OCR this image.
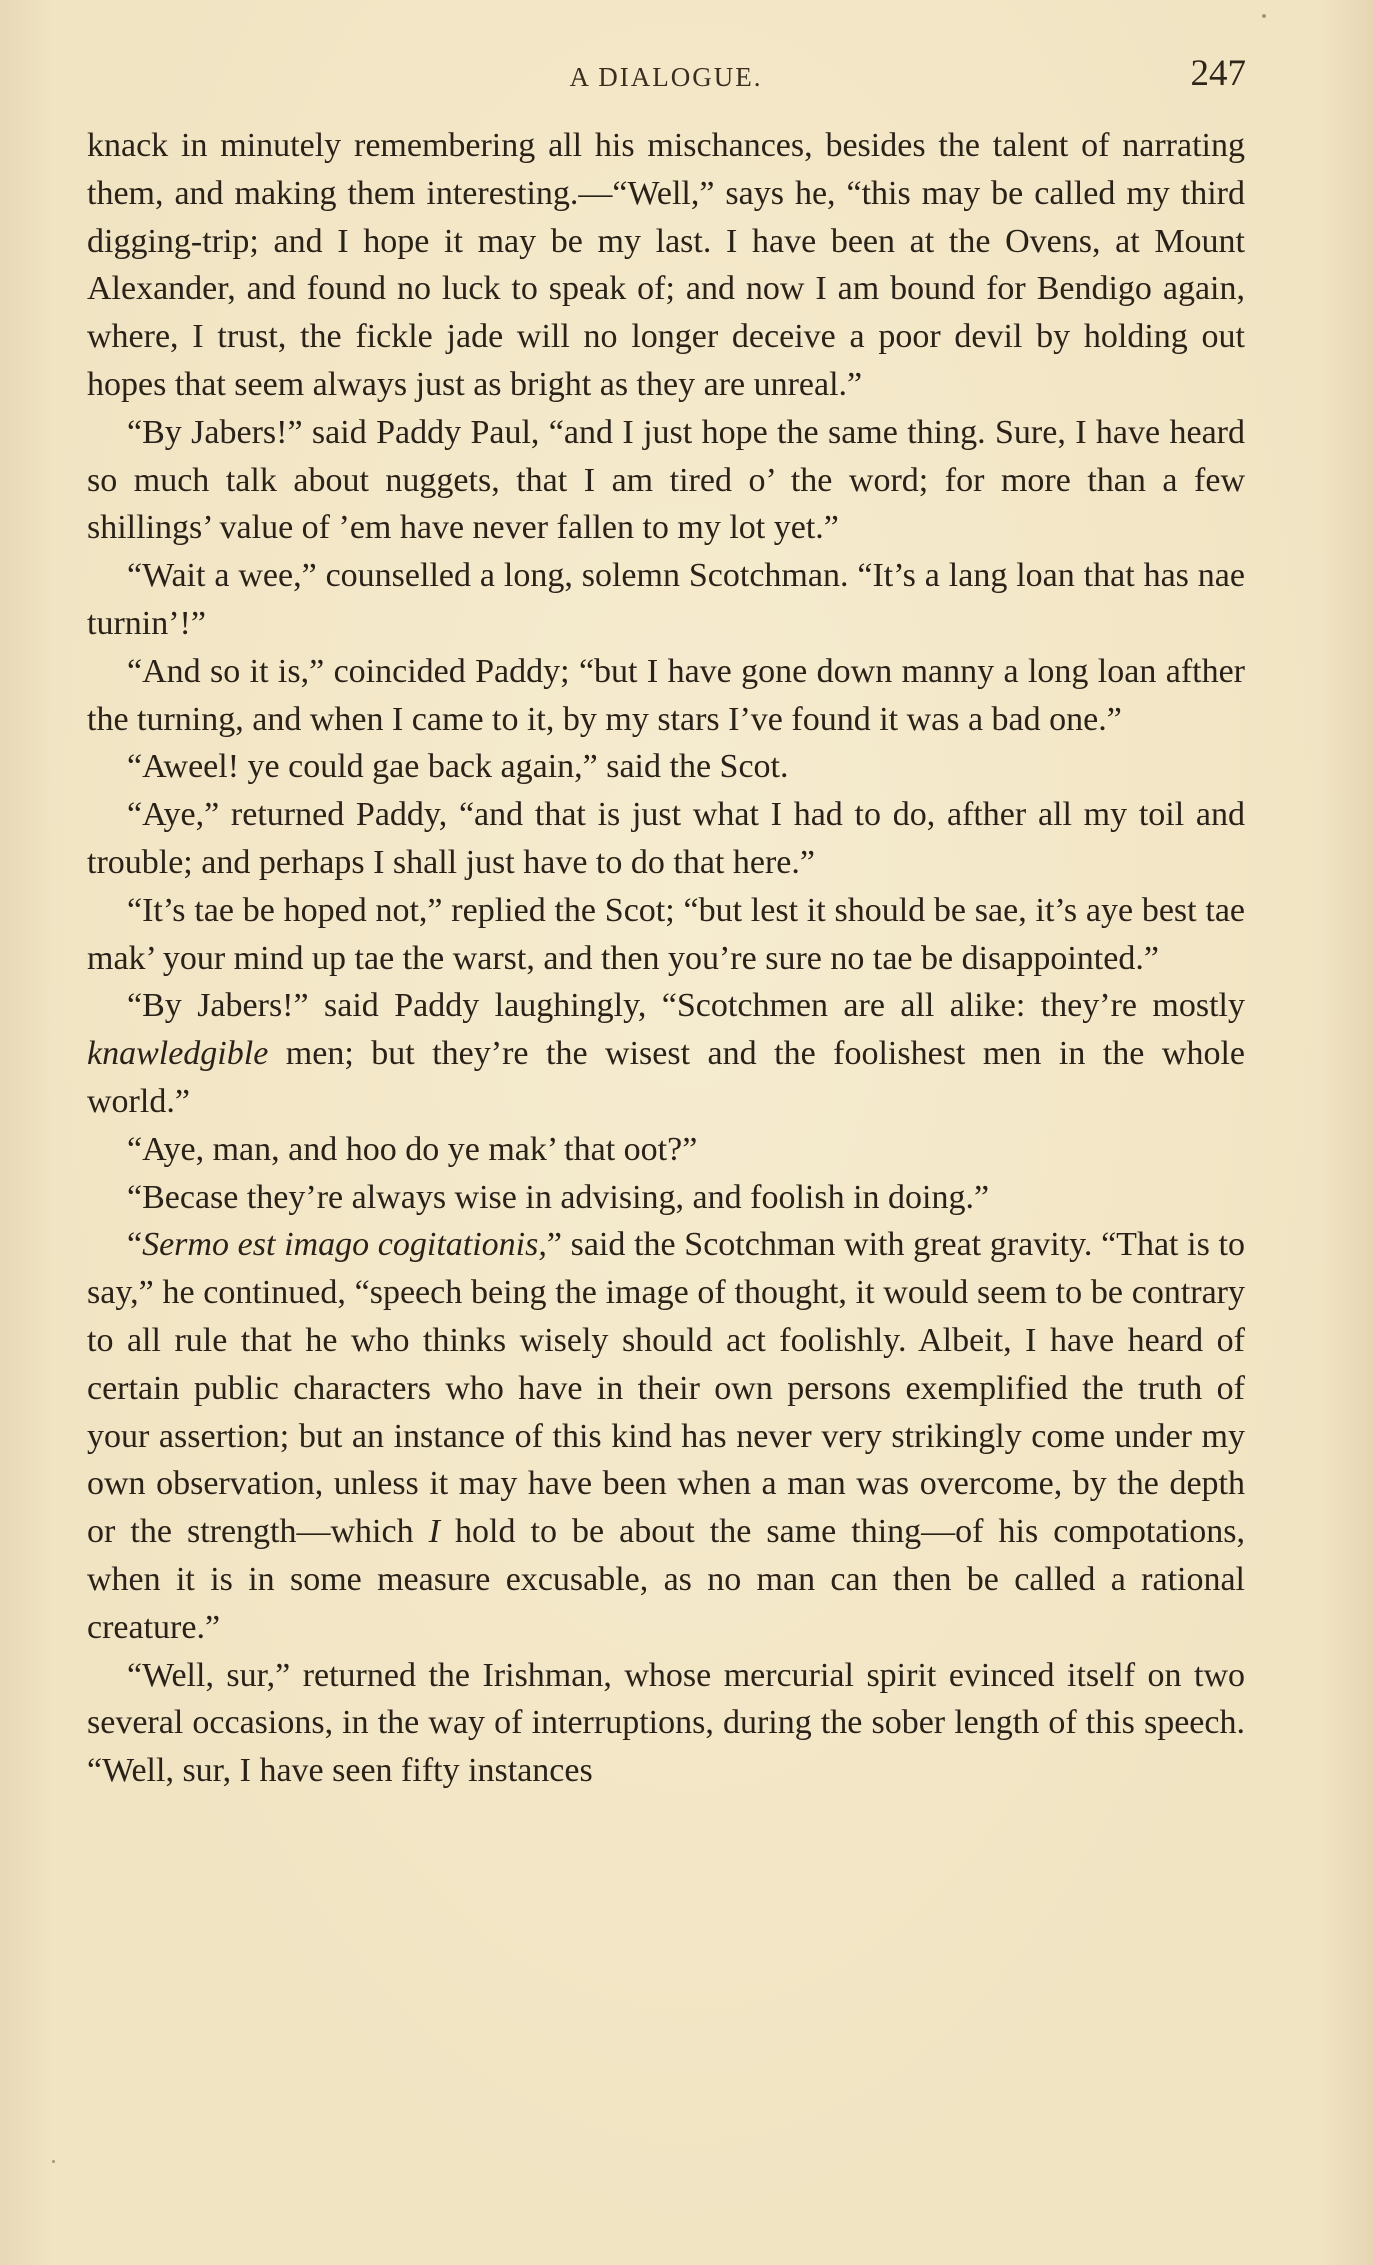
A DIALOGUE.	247

knack in minutely remembering all his mischances, besides the talent of narrating them, and making them interesting.—“Well,” says he, “this may be called my third digging-trip; and I hope it may be my last. I have been at the Ovens, at Mount Alexander, and found no luck to speak of; and now I am bound for Bendigo again, where, I trust, the fickle jade will no longer deceive a poor devil by holding out hopes that seem always just as bright as they are unreal.”

“By Jabers!” said Paddy Paul, “and I just hope the same thing. Sure, I have heard so much talk about nuggets, that I am tired o’ the word; for more than a few shillings’ value of ’em have never fallen to my lot yet.”

“Wait a wee,” counselled a long, solemn Scotchman. “It’s a lang loan that has nae turnin’!”

“And so it is,” coincided Paddy; “but I have gone down manny a long loan afther the turning, and when I came to it, by my stars I’ve found it was a bad one.”

“Aweel! ye could gae back again,” said the Scot.

“Aye,” returned Paddy, “and that is just what I had to do, afther all my toil and trouble; and perhaps I shall just have to do that here.”

“It’s tae be hoped not,” replied the Scot; “but lest it should be sae, it’s aye best tae mak’ your mind up tae the warst, and then you’re sure no tae be disappointed.”

“By Jabers!” said Paddy laughingly, “Scotchmen are all alike: they’re mostly knawledgible men; but they’re the wisest and the foolishest men in the whole world.”

“Aye, man, and hoo do ye mak’ that oot?”

“Becase they’re always wise in advising, and foolish in doing.”

“Sermo est imago cogitationis,” said the Scotchman with great gravity. “That is to say,” he continued, “speech being the image of thought, it would seem to be contrary to all rule that he who thinks wisely should act foolishly. Albeit, I have heard of certain public characters who have in their own persons exemplified the truth of your assertion; but an instance of this kind has never very strikingly come under my own observation, unless it may have been when a man was overcome, by the depth or the strength—which I hold to be about the same thing—of his compotations, when it is in some measure excusable, as no man can then be called a rational creature.”

“Well, sur,” returned the Irishman, whose mercurial spirit evinced itself on two several occasions, in the way of interruptions, during the sober length of this speech. “Well, sur, I have seen fifty instances
